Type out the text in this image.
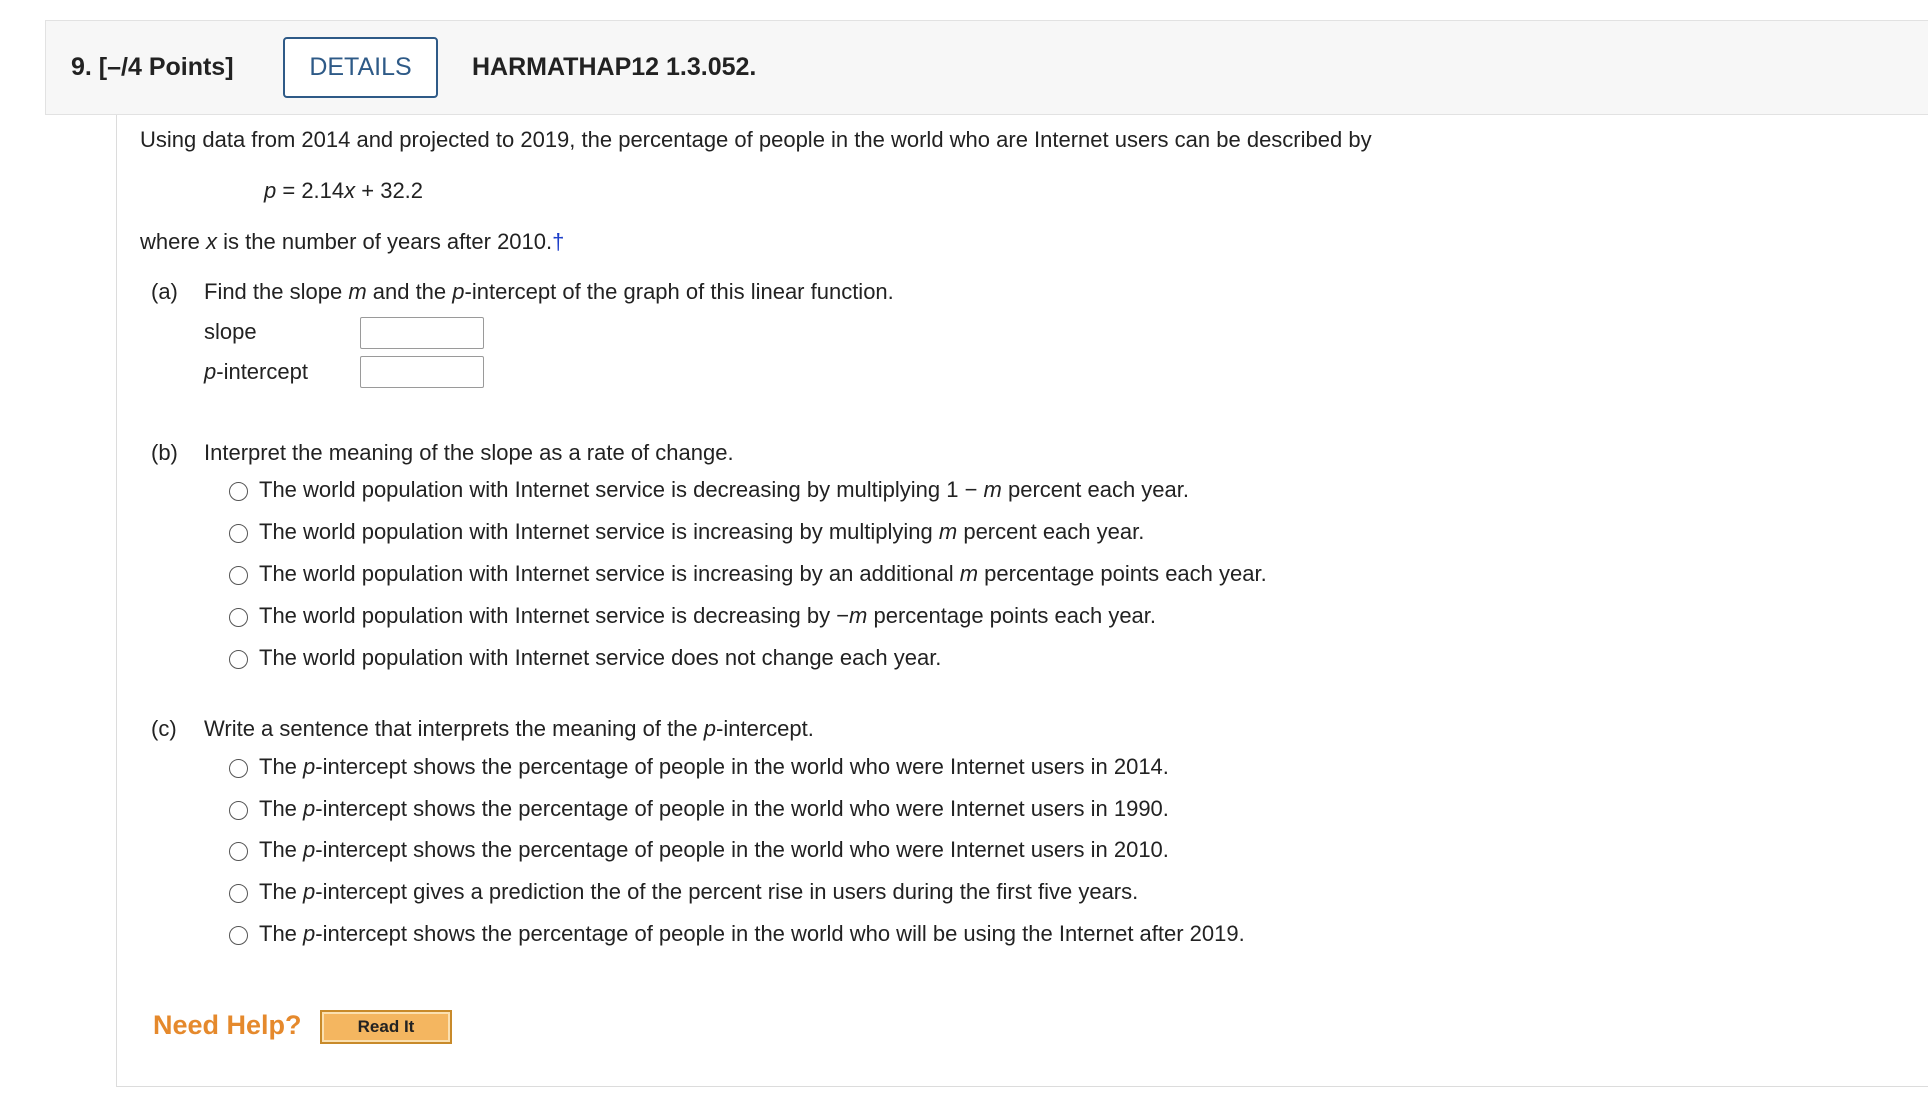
9. [–/4 Points]	DETAILS	HARMATHAP12 1.3.052.
Using data from 2014 and projected to 2019, the percentage of people in the world who are Internet users can be described by
p = 2.14x + 32.2
where x is the number of years after 2010.†
(a) Find the slope m and the p-intercept of the graph of this linear function.
slope
p-intercept
(b) Interpret the meaning of the slope as a rate of change.
The world population with Internet service is decreasing by multiplying 1 − m percent each year.
The world population with Internet service is increasing by multiplying m percent each year.
The world population with Internet service is increasing by an additional m percentage points each year.
The world population with Internet service is decreasing by −m percentage points each year.
The world population with Internet service does not change each year.
(c) Write a sentence that interprets the meaning of the p-intercept.
The p-intercept shows the percentage of people in the world who were Internet users in 2014.
The p-intercept shows the percentage of people in the world who were Internet users in 1990.
The p-intercept shows the percentage of people in the world who were Internet users in 2010.
The p-intercept gives a prediction the of the percent rise in users during the first five years.
The p-intercept shows the percentage of people in the world who will be using the Internet after 2019.
Need Help?	Read It
